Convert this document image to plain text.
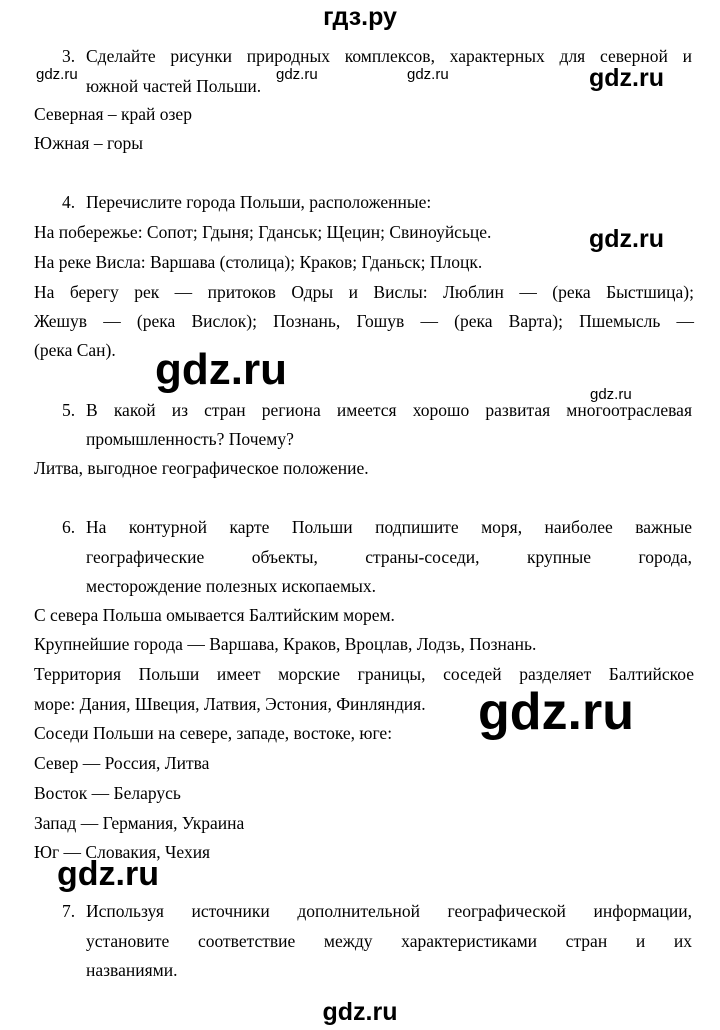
гдз.ру
3. Сделайте рисунки природных комплексов, характерных для северной и
южной частей Польши.
Северная – край озер
Южная – горы
4. Перечислите города Польши, расположенные:
На побережье: Сопот; Гдыня; Гданськ; Щецин; Свиноуйсьце.
На реке Висла: Варшава (столица); Краков; Гданьск; Плоцк.
На берегу рек — притоков Одры и Вислы: Люблин — (река Быстшица);
Жешув — (река Вислок); Познань, Гошув — (река Варта); Пшемысль —
(река Сан).
5. В какой из стран региона имеется хорошо развитая многоотраслевая
промышленность? Почему?
Литва, выгодное географическое положение.
6. На контурной карте Польши подпишите моря, наиболее важные
географические объекты, страны-соседи, крупные города,
месторождение полезных ископаемых.
С севера Польша омывается Балтийским морем.
Крупнейшие города — Варшава, Краков, Вроцлав, Лодзь, Познань.
Территория Польши имеет морские границы, соседей разделяет Балтийское
море: Дания, Швеция, Латвия, Эстония, Финляндия.
Соседи Польши на севере, западе, востоке, юге:
Север — Россия, Литва
Восток — Беларусь
Запад — Германия, Украина
Юг — Словакия, Чехия
7. Используя источники дополнительной географической информации,
установите соответствие между характеристиками стран и их
названиями.
gdz.ru	gdz.ru	gdz.ru	gdz.ru
gdz.ru
gdz.ru
gdz.ru
gdz.ru
gdz.ru
gdz.ru
